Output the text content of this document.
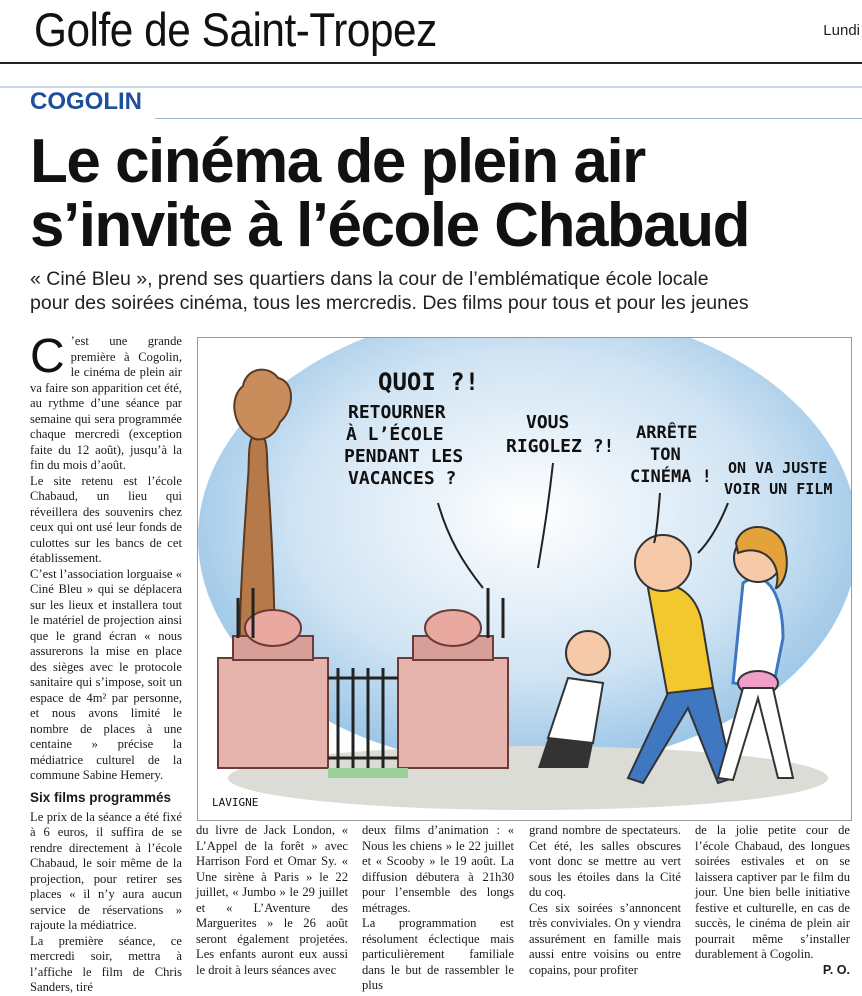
Golfe de Saint-Tropez	Lundi
COGOLIN
Le cinéma de plein air
s’invite à l’école Chabaud

« Ciné Bleu », prend ses quartiers dans la cour de l’emblématique école locale
pour des soirées cinéma, tous les mercredis. Des films pour tous et pour les jeunes

C ’est une grande première à Cogolin, le cinéma de plein air va faire son apparition cet été, au rythme d’une séance par semaine qui sera programmée chaque mercredi (exception faite du 12 août), jusqu’à la fin du mois d’août.

Le site retenu est l’école Chabaud, un lieu qui réveillera des souvenirs chez ceux qui ont usé leur fonds de culottes sur les bancs de cet établissement.

C’est l’association lorguaise « Ciné Bleu » qui se déplacera sur les lieux et installera tout le matériel de projection ainsi que le grand écran « nous assurerons la mise en place des sièges avec le protocole sanitaire qui s’impose, soit un espace de 4m² par personne, et nous avons limité le nombre de places à une centaine » précise la médiatrice culturel de la commune Sabine Hemery.

Six films programmés

Le prix de la séance a été fixé à 6 euros, il suffira de se rendre directement à l’école Chabaud, le soir même de la projection, pour retirer ses places « il n’y aura aucun service de réservations » rajoute la médiatrice.

La première séance, ce mercredi soir, mettra à l’affiche le film de Chris Sanders, tiré

QUOI ?!
RETOURNER
À L’ÉCOLE
PENDANT LES
VACANCES ?
VOUS
RIGOLEZ ?!
ARRÊTE
TON
CINÉMA ! ON VA JUSTE
VOIR UN FILM
LAVIGNE

du livre de Jack London, « L’Appel de la forêt » avec Harrison Ford et Omar Sy. « Une sirène à Paris » le 22 juillet, « Jumbo » le 29 juillet et « L’Aventure des Marguerites » le 26 août seront également projetées. Les enfants auront eux aussi le droit à leurs séances avec

deux films d’animation : « Nous les chiens » le 22 juillet et « Scooby » le 19 août. La diffusion débutera à 21h30 pour l’ensemble des longs métrages.

La programmation est résolument éclectique mais particulièrement familiale dans le but de rassembler le plus

grand nombre de spectateurs. Cet été, les salles obscures vont donc se mettre au vert sous les étoiles dans la Cité du coq.

Ces six soirées s’annoncent très conviviales. On y viendra assurément en famille mais aussi entre voisins ou entre copains, pour profiter

de la jolie petite cour de l’école Chabaud, des longues soirées estivales et on se laissera captiver par le film du jour. Une bien belle initiative festive et culturelle, en cas de succès, le cinéma de plein air pourrait même s’installer durablement à Cogolin.

P. O.
